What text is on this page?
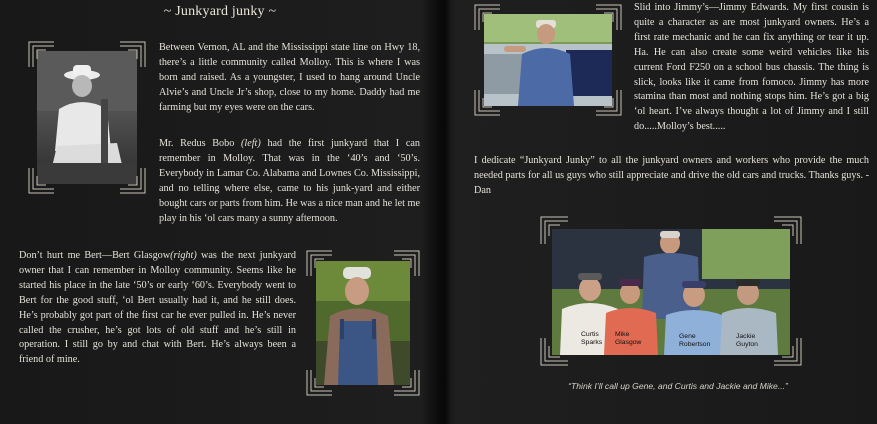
~ Junkyard junky ~

Between Vernon, AL and the Mississippi state line on Hwy 18, there’s a little community called Molloy. This is where I was born and raised. As a youngster, I used to hang around Uncle Alvie’s and Uncle Jr’s shop, close to my home. Daddy had me farming but my eyes were on the cars.

Mr. Redus Bobo (left) had the first junkyard that I can remember in Molloy. That was in the ‘40’s and ‘50’s. Everybody in Lamar Co. Alabama and Lownes Co. Mississippi, and no telling where else, came to his junk-yard and either bought cars or parts from him. He was a nice man and he let me play in his ‘ol cars many a sunny afternoon.

Don’t hurt me Bert—Bert Glasgow(right) was the next junkyard owner that I can remember in Molloy community. Seems like he started his place in the late ‘50’s or early ‘60’s. Everybody went to Bert for the good stuff, ‘ol Bert usually had it, and he still does. He’s probably got part of the first car he ever pulled in. He’s never called the crusher, he’s got lots of old stuff and he’s still in operation. I still go by and chat with Bert. He’s always been a friend of mine.

Slid into Jimmy’s—Jimmy Edwards. My first cousin is quite a character as are most junkyard owners. He’s a first rate mechanic and he can fix anything or tear it up. Ha. He can also create some weird vehicles like his current Ford F250 on a school bus chassis. The thing is slick, looks like it came from fomoco. Jimmy has more stamina than most and nothing stops him. He’s got a big ‘ol heart. I’ve always thought a lot of Jimmy and I still do.....Molloy’s best.....

I dedicate “Junkyard Junky” to all the junkyard owners and workers who provide the much needed parts for all us guys who still appreciate and drive the old cars and trucks. Thanks guys. - Dan

Curtis Sparks
Mike Glasgow
Gene Robertson
Jackie Guyton
“Think I’ll call up Gene, and Curtis and Jackie and Mike...”
